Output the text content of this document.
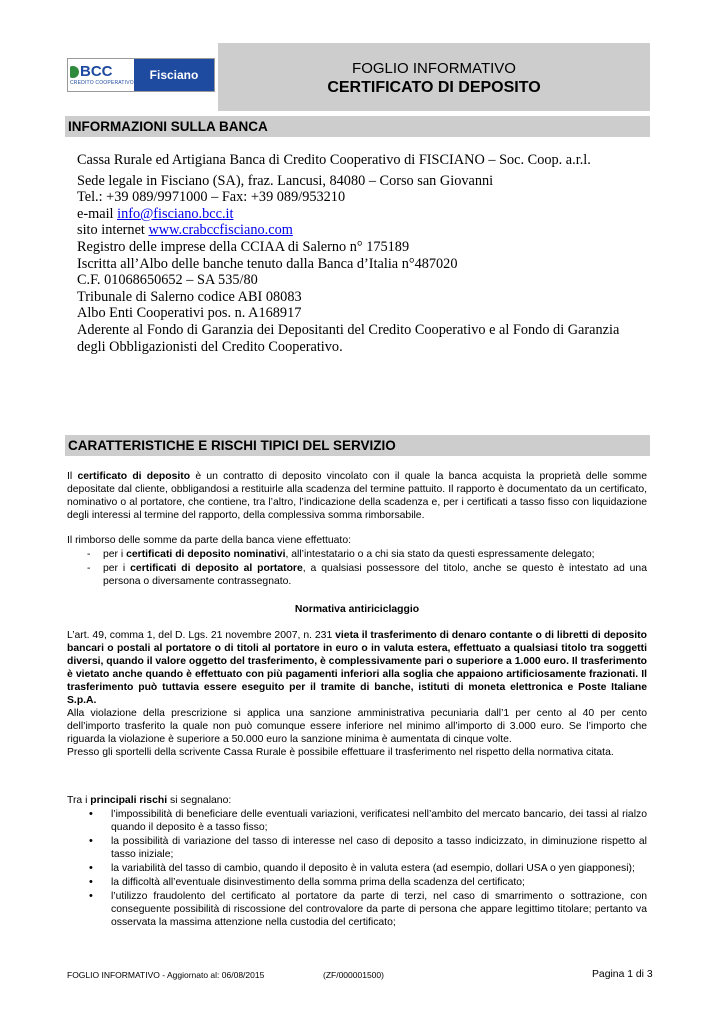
BCC
CREDITO COOPERATIVO
Fisciano	FOGLIO INFORMATIVO
CERTIFICATO DI DEPOSITO
INFORMAZIONI SULLA BANCA
Cassa Rurale ed Artigiana Banca di Credito Cooperativo di FISCIANO – Soc. Coop. a.r.l.
Sede legale in Fisciano (SA), fraz. Lancusi, 84080 – Corso san Giovanni
Tel.: +39 089/9971000 – Fax: +39 089/953210
e-mail info@fisciano.bcc.it
sito internet www.crabccfisciano.com
Registro delle imprese della CCIAA di Salerno n° 175189
Iscritta all’Albo delle banche tenuto dalla Banca d’Italia n°487020
C.F. 01068650652 – SA 535/80
Tribunale di Salerno codice ABI 08083
Albo Enti Cooperativi pos. n. A168917
Aderente al Fondo di Garanzia dei Depositanti del Credito Cooperativo e al Fondo di Garanzia degli Obbligazionisti del Credito Cooperativo.
CARATTERISTICHE E RISCHI TIPICI DEL SERVIZIO
Il certificato di deposito è un contratto di deposito vincolato con il quale la banca acquista la proprietà delle somme depositate dal cliente, obbligandosi a restituirle alla scadenza del termine pattuito. Il rapporto è documentato da un certificato, nominativo o al portatore, che contiene, tra l’altro, l’indicazione della scadenza e, per i certificati a tasso fisso con liquidazione degli interessi al termine del rapporto, della complessiva somma rimborsabile.
Il rimborso delle somme da parte della banca viene effettuato:
- per i certificati di deposito nominativi, all’intestatario o a chi sia stato da questi espressamente delegato;
- per i certificati di deposito al portatore, a qualsiasi possessore del titolo, anche se questo è intestato ad una persona o diversamente contrassegnato.
Normativa antiriciclaggio
L’art. 49, comma 1, del D. Lgs. 21 novembre 2007, n. 231 vieta il trasferimento di denaro contante o di libretti di deposito bancari o postali al portatore o di titoli al portatore in euro o in valuta estera, effettuato a qualsiasi titolo tra soggetti diversi, quando il valore oggetto del trasferimento, è complessivamente pari o superiore a 1.000 euro. Il trasferimento è vietato anche quando è effettuato con più pagamenti inferiori alla soglia che appaiono artificiosamente frazionati. Il trasferimento può tuttavia essere eseguito per il tramite di banche, istituti di moneta elettronica e Poste Italiane S.p.A.
Alla violazione della prescrizione si applica una sanzione amministrativa pecuniaria dall’1 per cento al 40 per cento dell’importo trasferito la quale non può comunque essere inferiore nel minimo all’importo di 3.000 euro. Se l’importo che riguarda la violazione è superiore a 50.000 euro la sanzione minima è aumentata di cinque volte.
Presso gli sportelli della scrivente Cassa Rurale è possibile effettuare il trasferimento nel rispetto della normativa citata.
Tra i principali rischi si segnalano:
• l’impossibilità di beneficiare delle eventuali variazioni, verificatesi nell’ambito del mercato bancario, dei tassi al rialzo quando il deposito è a tasso fisso;
• la possibilità di variazione del tasso di interesse nel caso di deposito a tasso indicizzato, in diminuzione rispetto al tasso iniziale;
• la variabilità del tasso di cambio, quando il deposito è in valuta estera (ad esempio, dollari USA o yen giapponesi);
• la difficoltà all’eventuale disinvestimento della somma prima della scadenza del certificato;
• l’utilizzo fraudolento del certificato al portatore da parte di terzi, nel caso di smarrimento o sottrazione, con conseguente possibilità di riscossione del controvalore da parte di persona che appare legittimo titolare; pertanto va osservata la massima attenzione nella custodia del certificato;
FOGLIO INFORMATIVO - Aggiornato al: 06/08/2015	(ZF/000001500)	Pagina 1 di 3
